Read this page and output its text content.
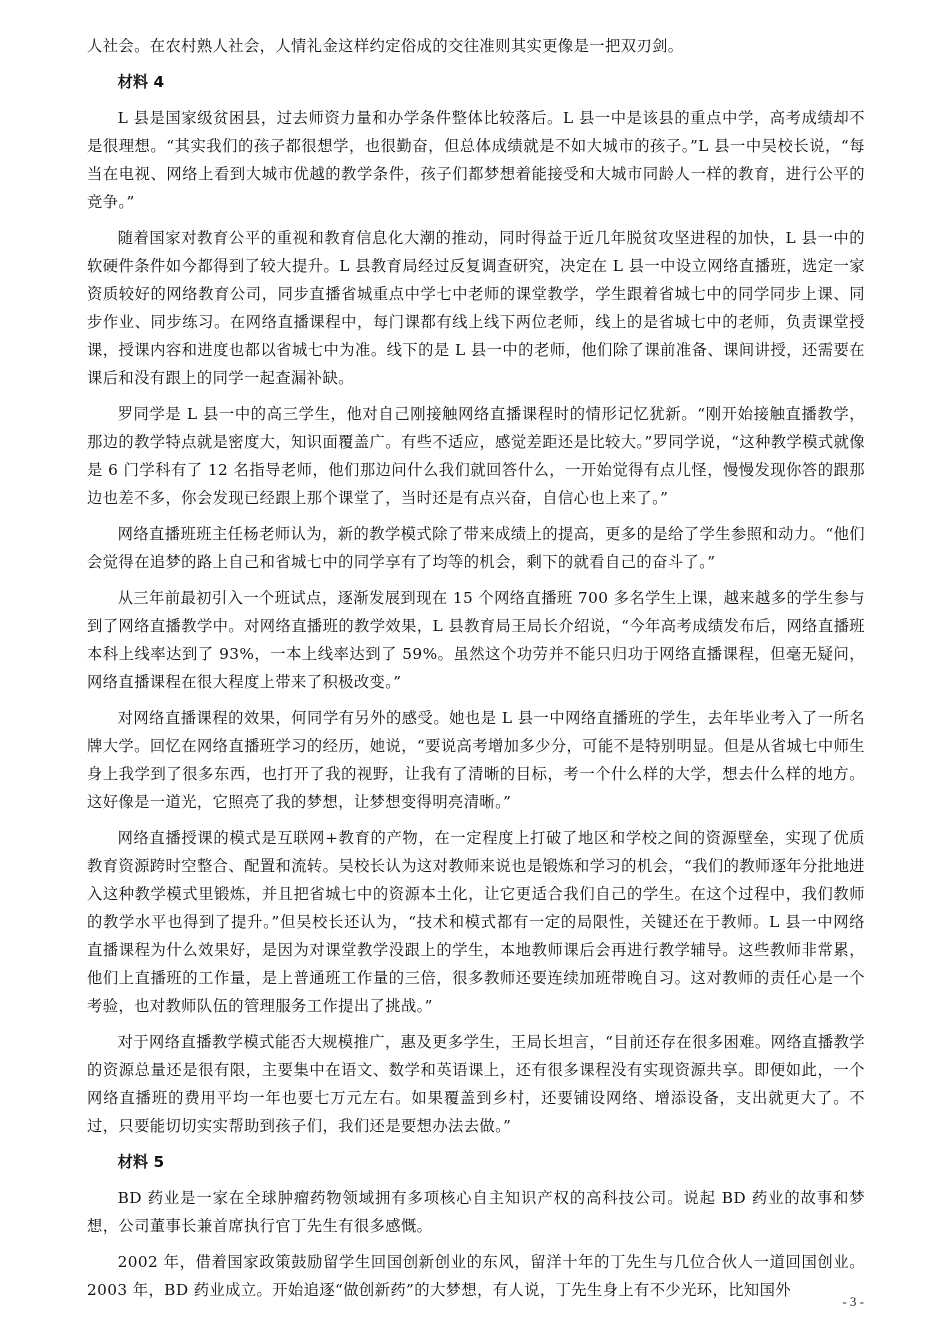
人社会。在农村熟人社会，人情礼金这样约定俗成的交往准则其实更像是一把双刃剑。

材料 4

L 县是国家级贫困县，过去师资力量和办学条件整体比较落后。L 县一中是该县的重点中学，高考成绩却不是很理想。“其实我们的孩子都很想学，也很勤奋，但总体成绩就是不如大城市的孩子。”L 县一中吴校长说，“每当在电视、网络上看到大城市优越的教学条件，孩子们都梦想着能接受和大城市同龄人一样的教育，进行公平的竞争。”

随着国家对教育公平的重视和教育信息化大潮的推动，同时得益于近几年脱贫攻坚进程的加快，L 县一中的软硬件条件如今都得到了较大提升。L 县教育局经过反复调查研究，决定在 L 县一中设立网络直播班，选定一家资质较好的网络教育公司，同步直播省城重点中学七中老师的课堂教学，学生跟着省城七中的同学同步上课、同步作业、同步练习。在网络直播课程中，每门课都有线上线下两位老师，线上的是省城七中的老师，负责课堂授课，授课内容和进度也都以省城七中为准。线下的是 L 县一中的老师，他们除了课前准备、课间讲授，还需要在课后和没有跟上的同学一起查漏补缺。

罗同学是 L 县一中的高三学生，他对自己刚接触网络直播课程时的情形记忆犹新。“刚开始接触直播教学，那边的教学特点就是密度大，知识面覆盖广。有些不适应，感觉差距还是比较大。”罗同学说，“这种教学模式就像是 6 门学科有了 12 名指导老师，他们那边问什么我们就回答什么，一开始觉得有点儿怪，慢慢发现你答的跟那边也差不多，你会发现已经跟上那个课堂了，当时还是有点兴奋，自信心也上来了。”

网络直播班班主任杨老师认为，新的教学模式除了带来成绩上的提高，更多的是给了学生参照和动力。“他们会觉得在追梦的路上自己和省城七中的同学享有了均等的机会，剩下的就看自己的奋斗了。”

从三年前最初引入一个班试点，逐渐发展到现在 15 个网络直播班 700 多名学生上课，越来越多的学生参与到了网络直播教学中。对网络直播班的教学效果，L 县教育局王局长介绍说，“今年高考成绩发布后，网络直播班本科上线率达到了 93%，一本上线率达到了 59%。虽然这个功劳并不能只归功于网络直播课程，但毫无疑问，网络直播课程在很大程度上带来了积极改变。”

对网络直播课程的效果，何同学有另外的感受。她也是 L 县一中网络直播班的学生，去年毕业考入了一所名牌大学。回忆在网络直播班学习的经历，她说，“要说高考增加多少分，可能不是特别明显。但是从省城七中师生身上我学到了很多东西，也打开了我的视野，让我有了清晰的目标，考一个什么样的大学，想去什么样的地方。这好像是一道光，它照亮了我的梦想，让梦想变得明亮清晰。”

网络直播授课的模式是互联网+教育的产物，在一定程度上打破了地区和学校之间的资源壁垒，实现了优质教育资源跨时空整合、配置和流转。吴校长认为这对教师来说也是锻炼和学习的机会，“我们的教师逐年分批地进入这种教学模式里锻炼，并且把省城七中的资源本土化，让它更适合我们自己的学生。在这个过程中，我们教师的教学水平也得到了提升。”但吴校长还认为，“技术和模式都有一定的局限性，关键还在于教师。L 县一中网络直播课程为什么效果好，是因为对课堂教学没跟上的学生，本地教师课后会再进行教学辅导。这些教师非常累，他们上直播班的工作量，是上普通班工作量的三倍，很多教师还要连续加班带晚自习。这对教师的责任心是一个考验，也对教师队伍的管理服务工作提出了挑战。”

对于网络直播教学模式能否大规模推广，惠及更多学生，王局长坦言，“目前还存在很多困难。网络直播教学的资源总量还是很有限，主要集中在语文、数学和英语课上，还有很多课程没有实现资源共享。即便如此，一个网络直播班的费用平均一年也要七万元左右。如果覆盖到乡村，还要铺设网络、增添设备，支出就更大了。不过，只要能切切实实帮助到孩子们，我们还是要想办法去做。”

材料 5

BD 药业是一家在全球肿瘤药物领域拥有多项核心自主知识产权的高科技公司。说起 BD 药业的故事和梦想，公司董事长兼首席执行官丁先生有很多感慨。

2002 年，借着国家政策鼓励留学生回国创新创业的东风，留洋十年的丁先生与几位合伙人一道回国创业。2003 年，BD 药业成立。开始追逐“做创新药”的大梦想，有人说，丁先生身上有不少光环，比知国外

- 3 -
